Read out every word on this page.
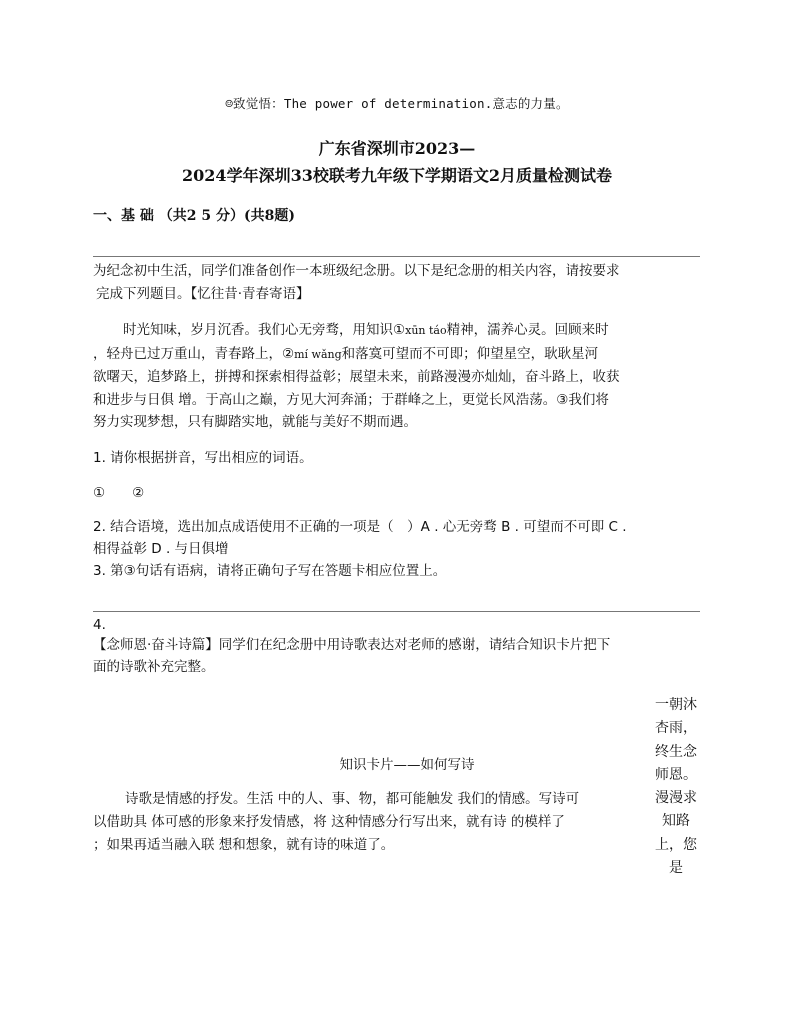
☺致觉悟：The power of determination.意志的力量。
广东省深圳市2023—
2024学年深圳33校联考九年级下学期语文2月质量检测试卷
一、基 础 （共2 5 分）(共8题)
为纪念初中生活，同学们准备创作一本班级纪念册。以下是纪念册的相关内容，请按要求
完成下列题目。【忆往昔·青春寄语】
时光知味，岁月沉香。我们心无旁骛，用知识①xūn táo精神，濡养心灵。回顾来时
，轻舟已过万重山，青春路上，②mí wǎng和落寞可望而不可即；仰望星空，耿耿星河
欲曙天，追梦路上，拼搏和探索相得益彰；展望未来，前路漫漫亦灿灿，奋斗路上，收获
和进步与日俱 增。于高山之巅，方见大河奔涌；于群峰之上，更觉长风浩荡。③我们将
努力实现梦想，只有脚踏实地，就能与美好不期而遇。
1. 请你根据拼音，写出相应的词语。
①　　②
2. 结合语境，选出加点成语使用不正确的一项是（　）A . 心无旁骛 B . 可望而不可即 C .
相得益彰 D . 与日俱增
3. 第③句话有语病，请将正确句子写在答题卡相应位置上。
4.
【念师恩·奋斗诗篇】同学们在纪念册中用诗歌表达对老师的感谢，请结合知识卡片把下
面的诗歌补充完整。
知识卡片——如何写诗
诗歌是情感的抒发。生活 中的人、事、物，都可能触发 我们的情感。写诗可
以借助具 体可感的形象来抒发情感，将 这种情感分行写出来，就有诗 的模样了
；如果再适当融入联 想和想象，就有诗的味道了。
一朝沐杏雨，终生念师恩。漫漫求知路上，您是
